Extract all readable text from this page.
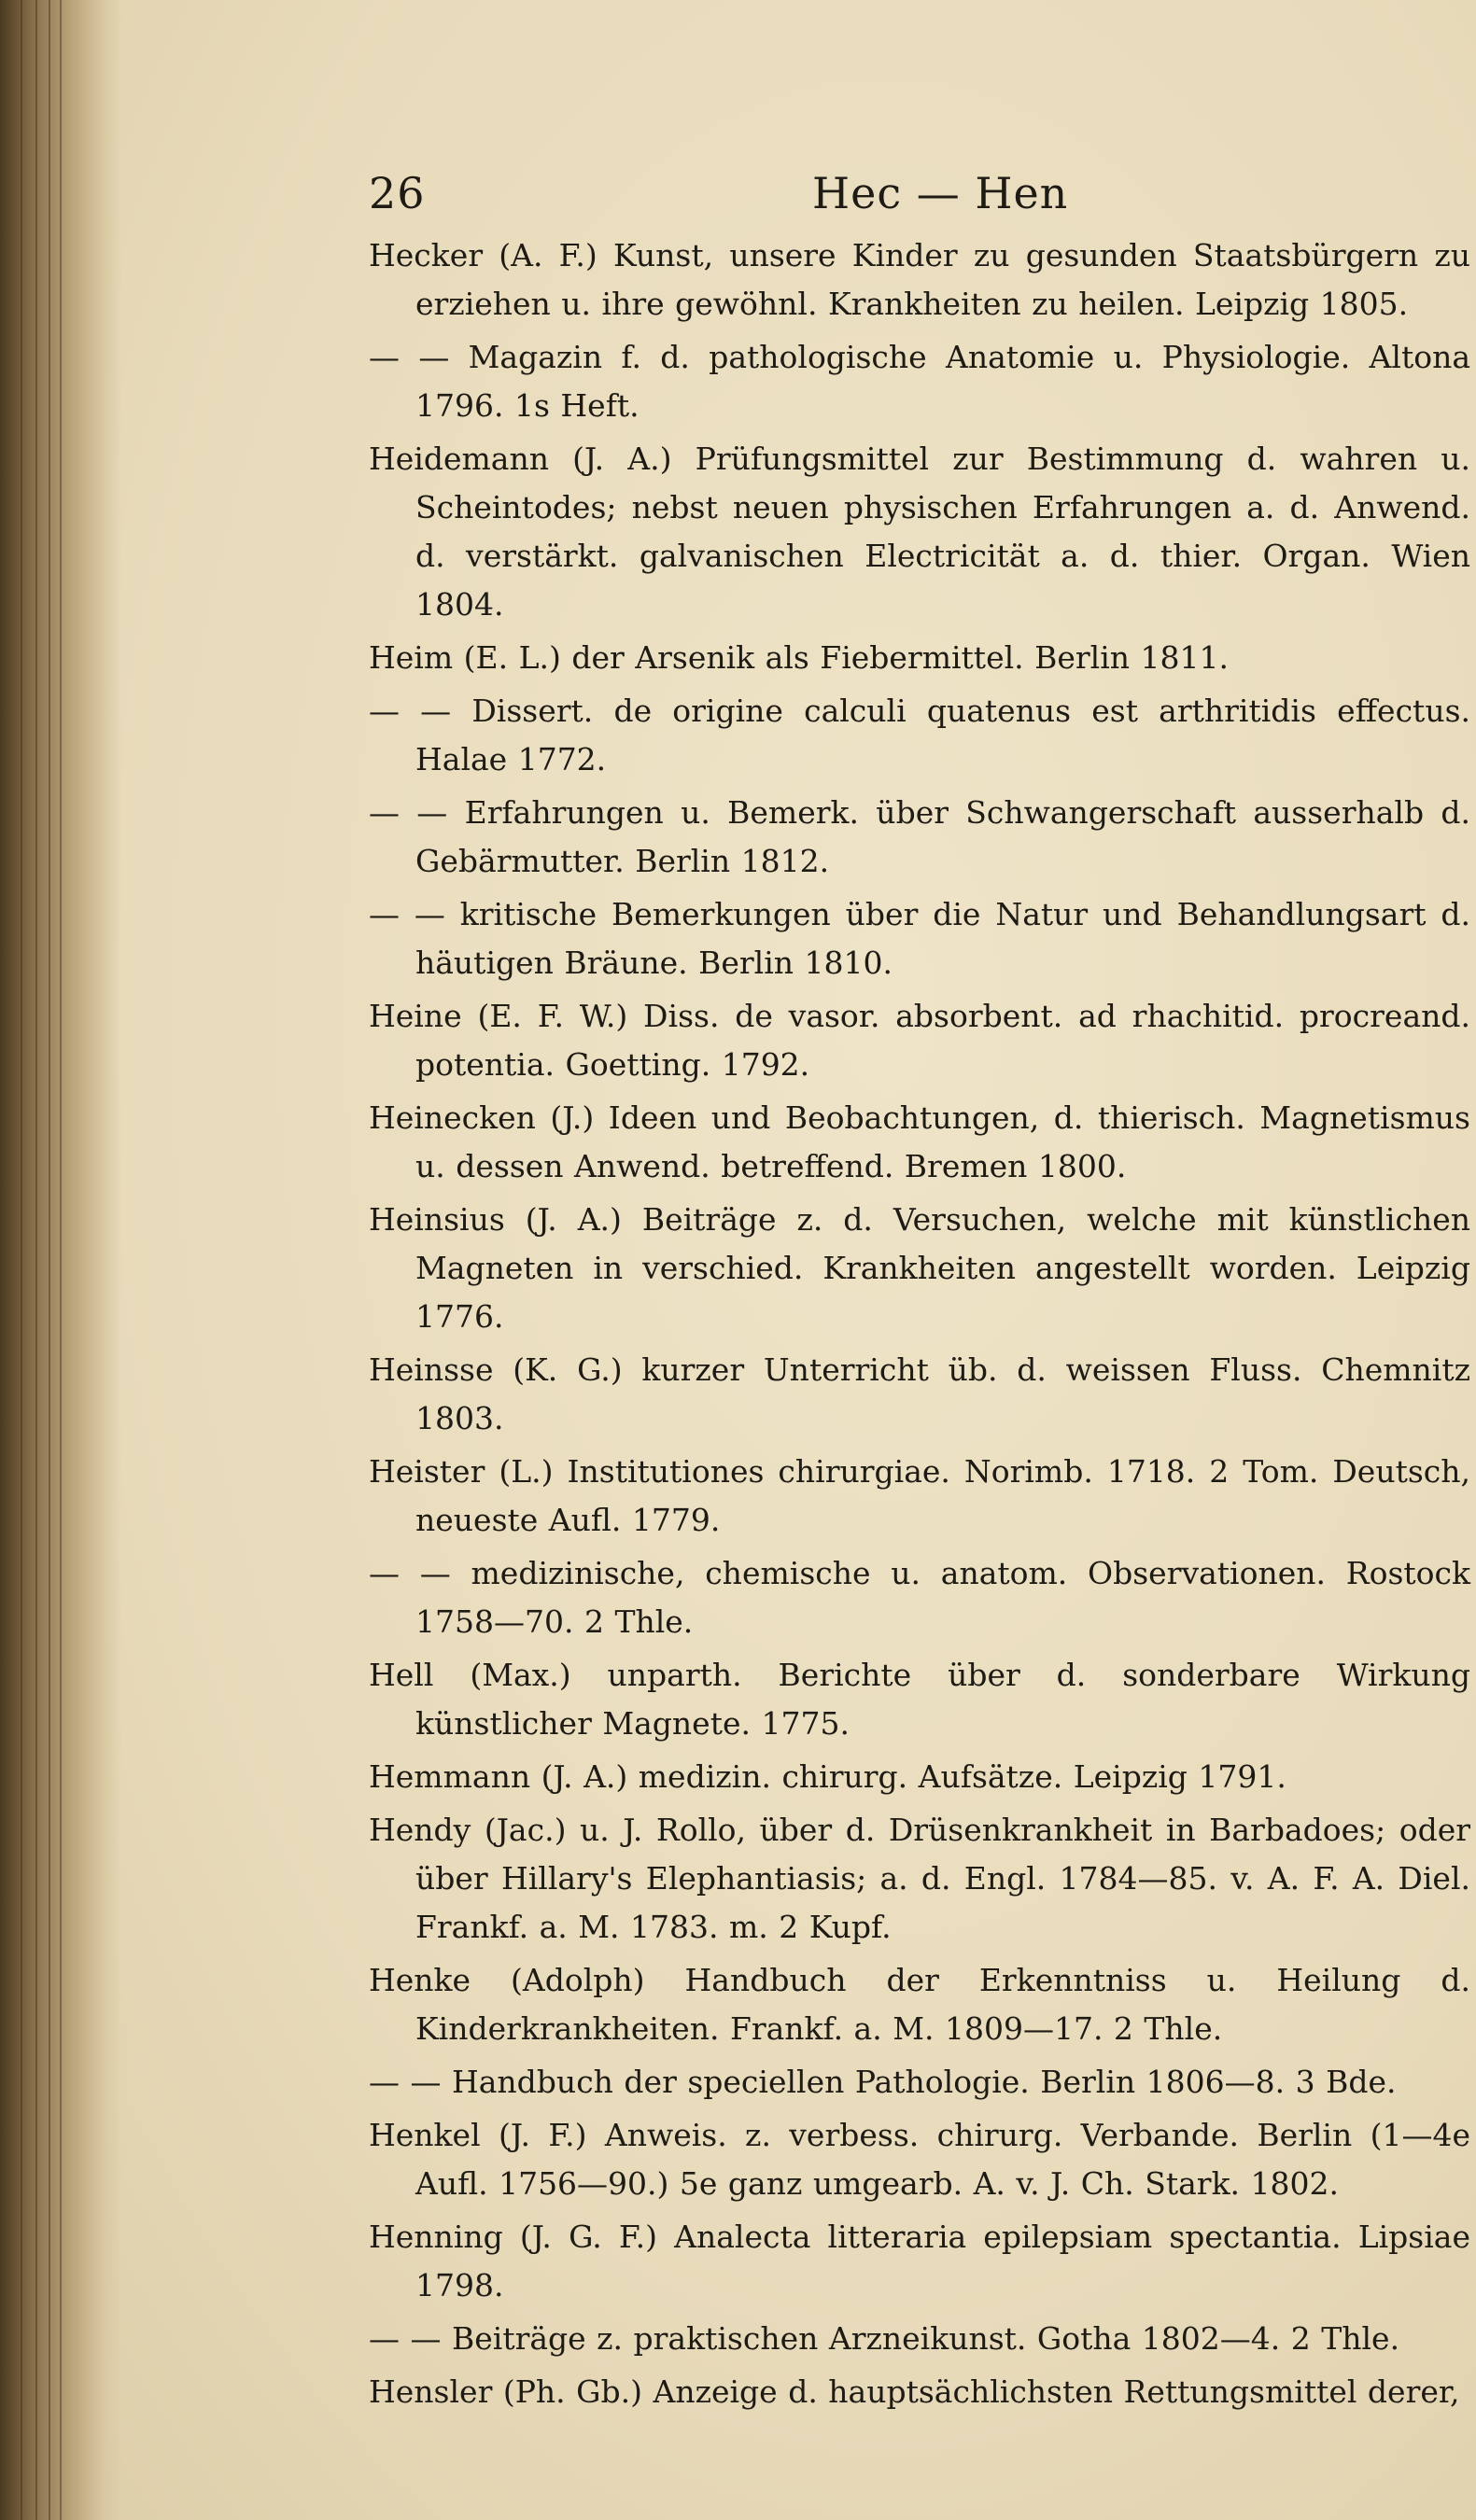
26	Hec — Hen

Hecker (A. F.) Kunst, unsere Kinder zu gesunden Staatsbürgern zu erziehen u. ihre gewöhnl. Krankheiten zu heilen. Leipzig 1805.

— — Magazin f. d. pathologische Anatomie u. Physiologie. Altona 1796. 1s Heft.

Heidemann (J. A.) Prüfungsmittel zur Bestimmung d. wahren u. Scheintodes; nebst neuen physischen Erfahrungen a. d. Anwend. d. verstärkt. galvanischen Electricität a. d. thier. Organ. Wien 1804.

Heim (E. L.) der Arsenik als Fiebermittel. Berlin 1811.

— — Dissert. de origine calculi quatenus est arthritidis effectus. Halae 1772.

— — Erfahrungen u. Bemerk. über Schwangerschaft ausserhalb d. Gebärmutter. Berlin 1812.

— — kritische Bemerkungen über die Natur und Behandlungsart d. häutigen Bräune. Berlin 1810.

Heine (E. F. W.) Diss. de vasor. absorbent. ad rhachitid. procreand. potentia. Goetting. 1792.

Heinecken (J.) Ideen und Beobachtungen, d. thierisch. Magnetismus u. dessen Anwend. betreffend. Bremen 1800.

Heinsius (J. A.) Beiträge z. d. Versuchen, welche mit künstlichen Magneten in verschied. Krankheiten angestellt worden. Leipzig 1776.

Heinsse (K. G.) kurzer Unterricht üb. d. weissen Fluss. Chemnitz 1803.

Heister (L.) Institutiones chirurgiae. Norimb. 1718. 2 Tom. Deutsch, neueste Aufl. 1779.

— — medizinische, chemische u. anatom. Observationen. Rostock 1758—70. 2 Thle.

Hell (Max.) unparth. Berichte über d. sonderbare Wirkung künstlicher Magnete. 1775.

Hemmann (J. A.) medizin. chirurg. Aufsätze. Leipzig 1791.

Hendy (Jac.) u. J. Rollo, über d. Drüsenkrankheit in Barbadoes; oder über Hillary's Elephantiasis; a. d. Engl. 1784—85. v. A. F. A. Diel. Frankf. a. M. 1783. m. 2 Kupf.

Henke (Adolph) Handbuch der Erkenntniss u. Heilung d. Kinderkrankheiten. Frankf. a. M. 1809—17. 2 Thle.

— — Handbuch der speciellen Pathologie. Berlin 1806—8. 3 Bde.

Henkel (J. F.) Anweis. z. verbess. chirurg. Verbande. Berlin (1—4e Aufl. 1756—90.) 5e ganz umgearb. A. v. J. Ch. Stark. 1802.

Henning (J. G. F.) Analecta litteraria epilepsiam spectantia. Lipsiae 1798.

— — Beiträge z. praktischen Arzneikunst. Gotha 1802—4. 2 Thle.

Hensler (Ph. Gb.) Anzeige d. hauptsächlichsten Rettungsmittel derer,
